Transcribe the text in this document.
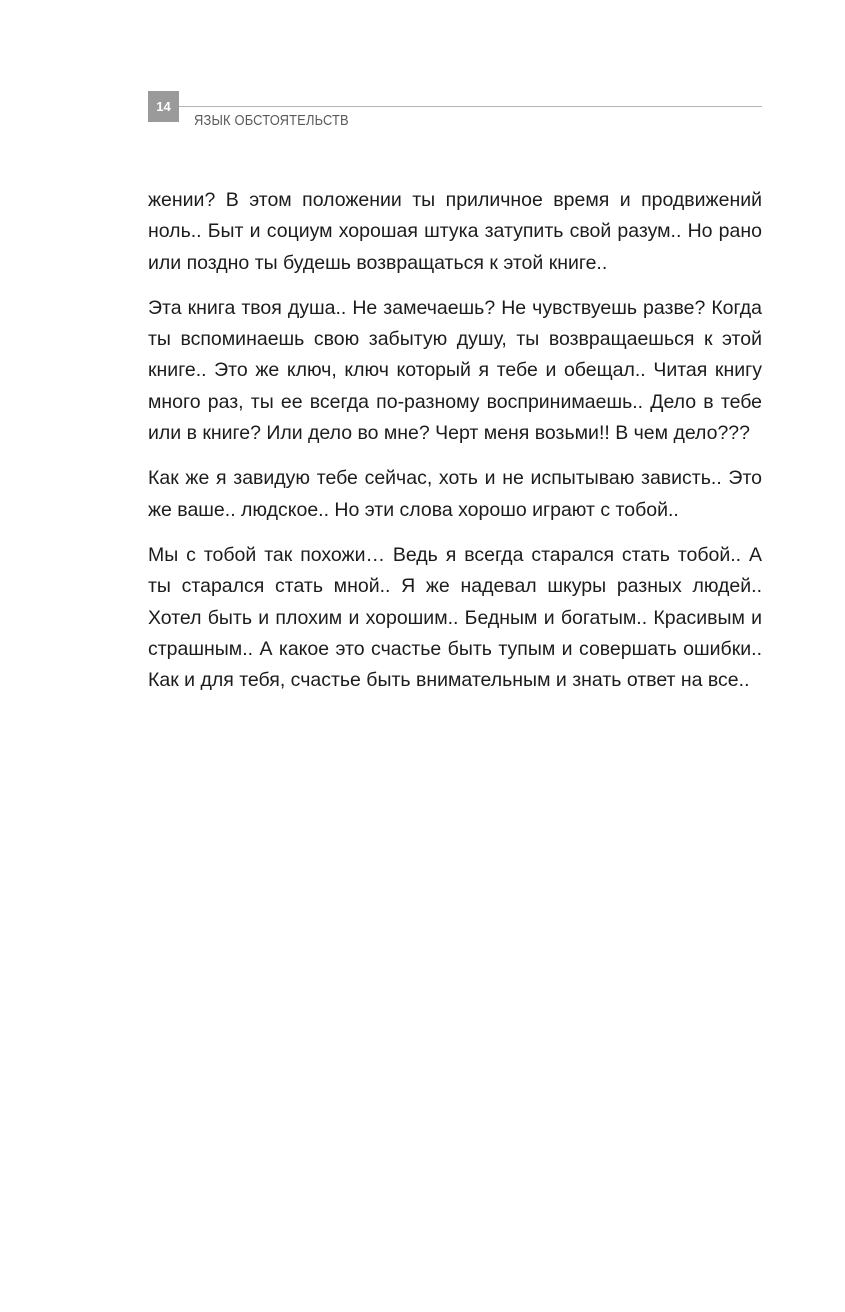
14
ЯЗЫК ОБСТОЯТЕЛЬСТВ

жении? В этом положении ты приличное время и продвижений ноль.. Быт и социум хорошая штука затупить свой разум.. Но рано или поздно ты будешь возвращаться к этой книге..

Эта книга твоя душа.. Не замечаешь? Не чувствуешь разве? Когда ты вспоминаешь свою забытую душу, ты возвращаешься к этой книге.. Это же ключ, ключ который я тебе и обещал.. Читая книгу много раз, ты ее всегда по-разному воспринимаешь.. Дело в тебе или в книге? Или дело во мне? Черт меня возьми!! В чем дело???

Как же я завидую тебе сейчас, хоть и не испытываю зависть.. Это же ваше.. людское.. Но эти слова хорошо играют с тобой..

Мы с тобой так похожи… Ведь я всегда старался стать тобой.. А ты старался стать мной.. Я же надевал шкуры разных людей.. Хотел быть и плохим и хорошим.. Бедным и богатым.. Красивым и страшным.. А какое это счастье быть тупым и совершать ошибки.. Как и для тебя, счастье быть внимательным и знать ответ на все..
